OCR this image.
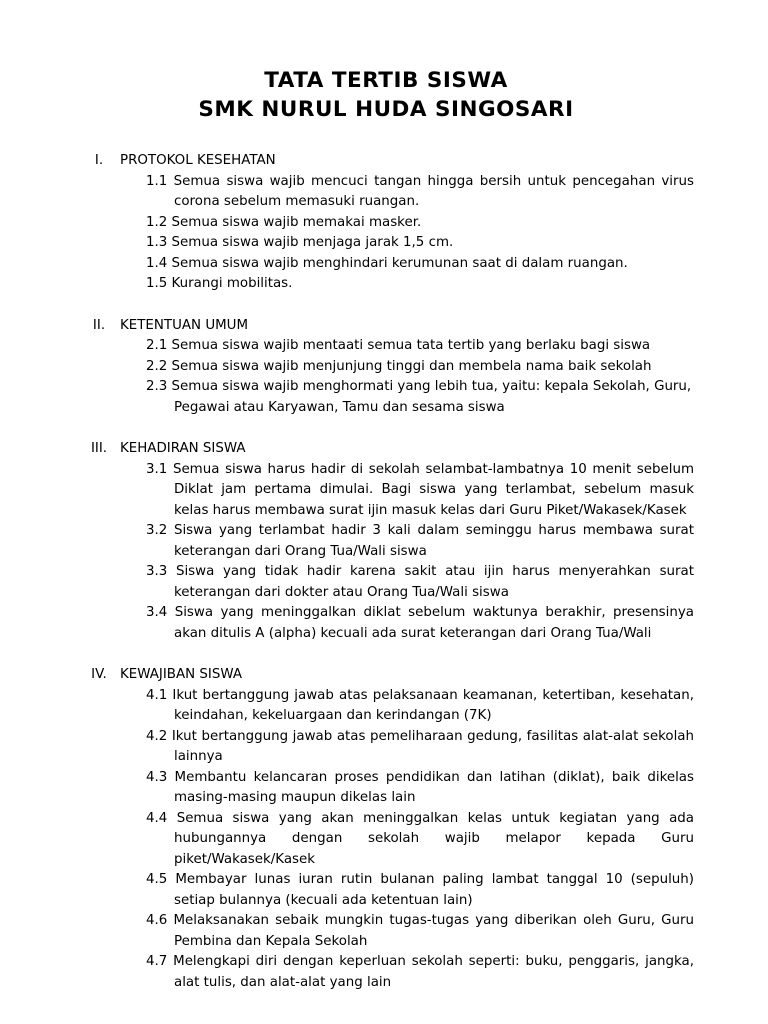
TATA TERTIB SISWA
SMK NURUL HUDA SINGOSARI
I.	PROTOKOL KESEHATAN
1.1 Semua siswa wajib mencuci tangan hingga bersih untuk pencegahan virus corona sebelum memasuki ruangan.
1.2 Semua siswa wajib memakai masker.
1.3 Semua siswa wajib menjaga jarak 1,5 cm.
1.4 Semua siswa wajib menghindari kerumunan saat di dalam ruangan.
1.5 Kurangi mobilitas.
II.	KETENTUAN UMUM
2.1 Semua siswa wajib mentaati semua tata tertib yang berlaku bagi siswa
2.2 Semua siswa wajib menjunjung tinggi dan membela nama baik sekolah
2.3 Semua siswa wajib menghormati yang lebih tua, yaitu: kepala Sekolah, Guru, Pegawai atau Karyawan, Tamu dan sesama siswa
III. KEHADIRAN SISWA
3.1 Semua siswa harus hadir di sekolah selambat-lambatnya 10 menit sebelum Diklat jam pertama dimulai. Bagi siswa yang terlambat, sebelum masuk kelas harus membawa surat ijin masuk kelas dari Guru Piket/Wakasek/Kasek
3.2 Siswa yang terlambat hadir 3 kali dalam seminggu harus membawa surat keterangan dari Orang Tua/Wali siswa
3.3 Siswa yang tidak hadir karena sakit atau ijin harus menyerahkan surat keterangan dari dokter atau Orang Tua/Wali siswa
3.4 Siswa yang meninggalkan diklat sebelum waktunya berakhir, presensinya akan ditulis A (alpha) kecuali ada surat keterangan dari Orang Tua/Wali
IV. KEWAJIBAN SISWA
4.1 Ikut bertanggung jawab atas pelaksanaan keamanan, ketertiban, kesehatan, keindahan, kekeluargaan dan kerindangan (7K)
4.2 Ikut bertanggung jawab atas pemeliharaan gedung, fasilitas alat-alat sekolah lainnya
4.3 Membantu kelancaran proses pendidikan dan latihan (diklat), baik dikelas masing-masing maupun dikelas lain
4.4 Semua siswa yang akan meninggalkan kelas untuk kegiatan yang ada hubungannya dengan sekolah wajib melapor kepada Guru piket/Wakasek/Kasek
4.5 Membayar lunas iuran rutin bulanan paling lambat tanggal 10 (sepuluh) setiap bulannya (kecuali ada ketentuan lain)
4.6 Melaksanakan sebaik mungkin tugas-tugas yang diberikan oleh Guru, Guru Pembina dan Kepala Sekolah
4.7 Melengkapi diri dengan keperluan sekolah seperti: buku, penggaris, jangka, alat tulis, dan alat-alat yang lain
